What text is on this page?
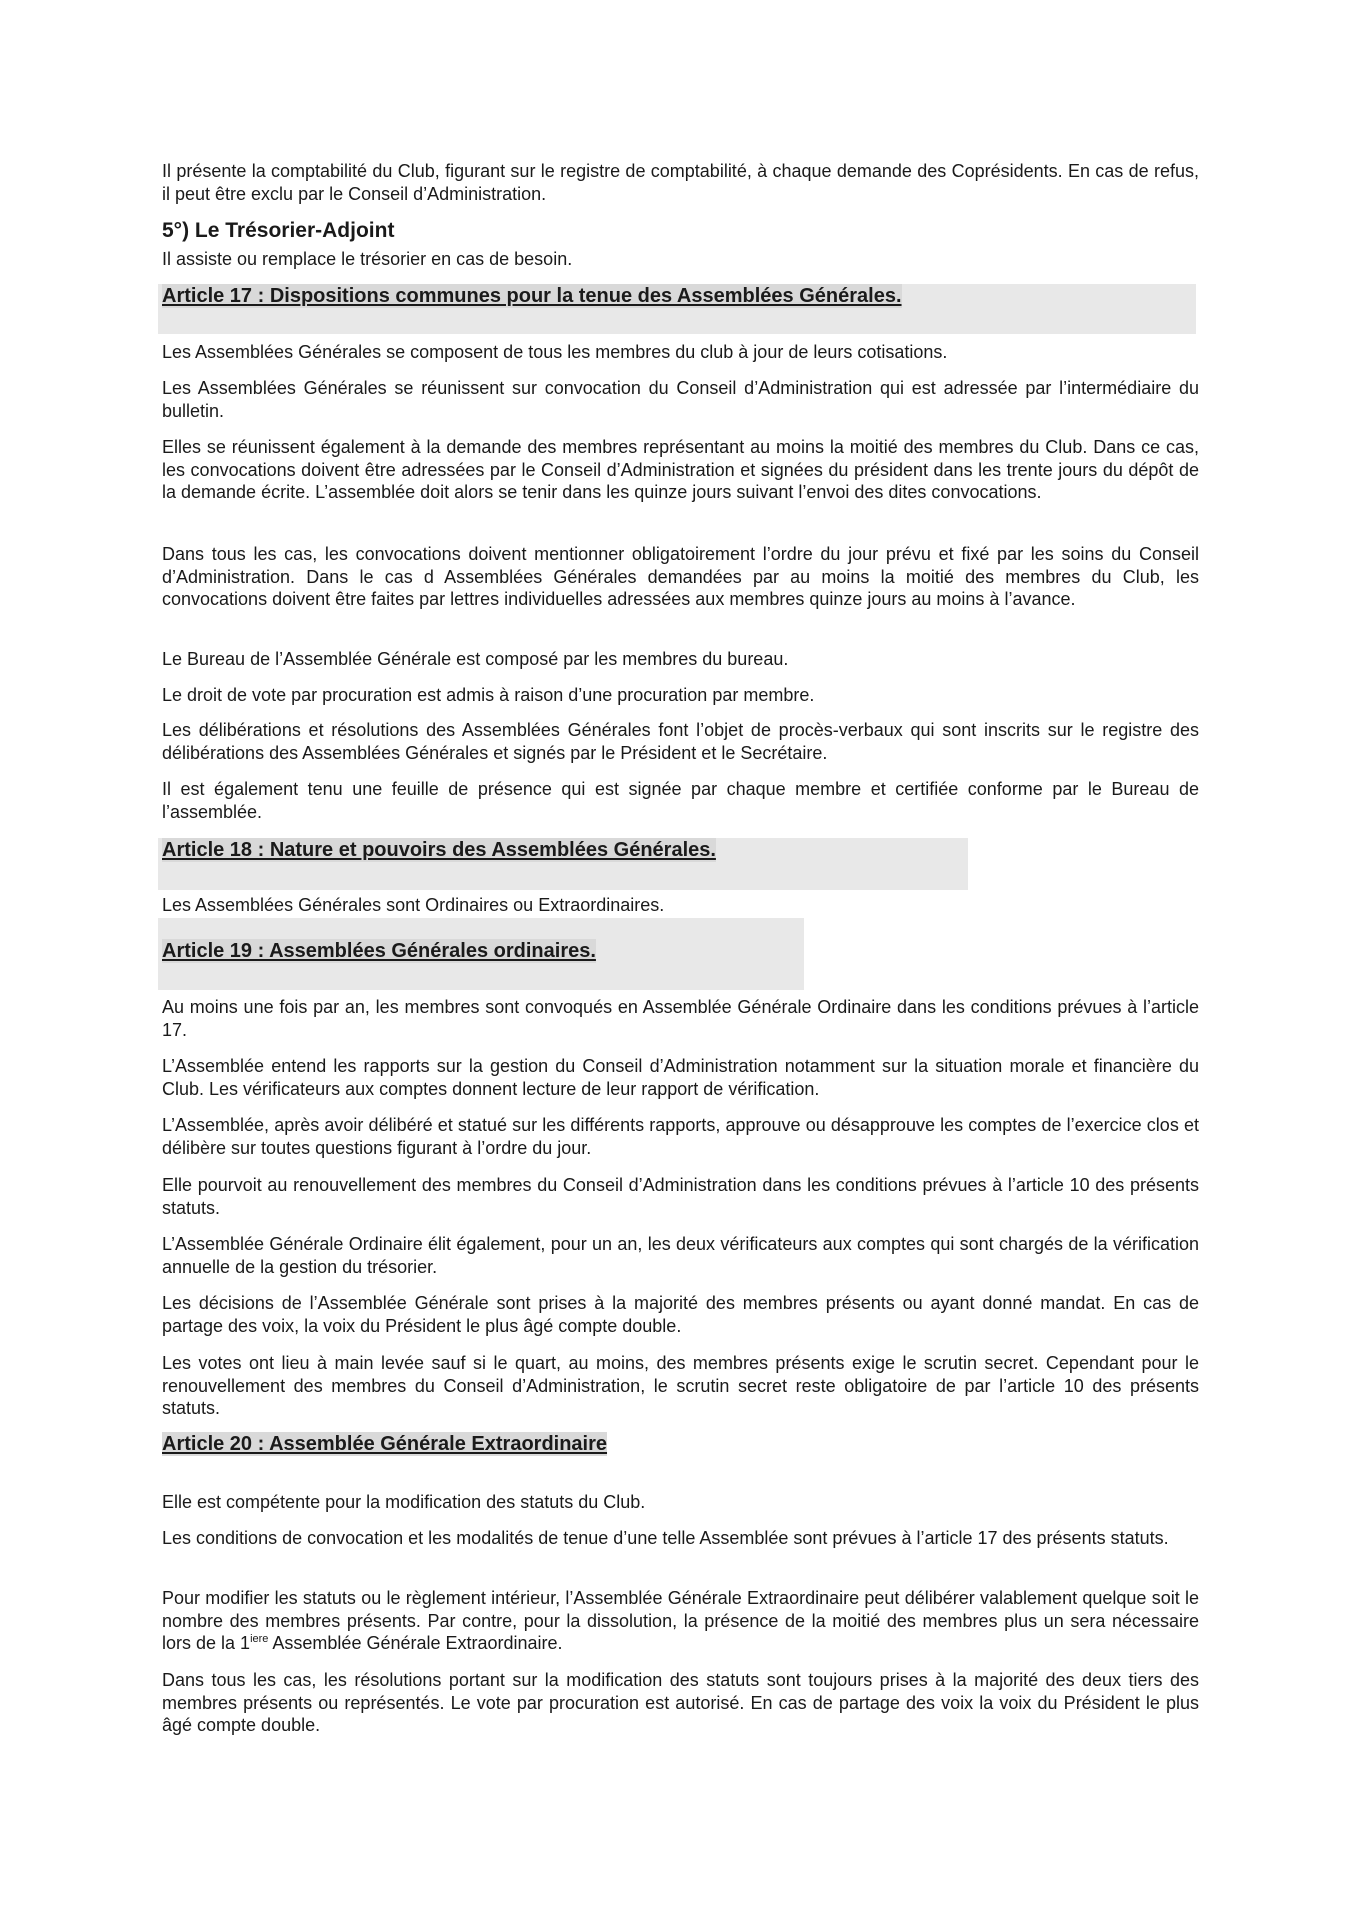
Il présente la comptabilité du Club, figurant sur le registre de comptabilité, à chaque demande des Coprésidents. En cas de refus, il peut être exclu par le Conseil d’Administration.

5°) Le Trésorier-Adjoint

Il assiste ou remplace le trésorier en cas de besoin.

Article 17 : Dispositions communes pour la tenue des Assemblées Générales.

Les Assemblées Générales se composent de tous les membres du club à jour de leurs cotisations.

Les Assemblées Générales se réunissent sur convocation du Conseil d’Administration qui est adressée par l’intermédiaire du bulletin.

Elles se réunissent également à la demande des membres représentant au moins la moitié des membres du Club. Dans ce cas, les convocations doivent être adressées par le Conseil d’Administration et signées du président dans les trente jours du dépôt de la demande écrite. L’assemblée doit alors se tenir dans les quinze jours suivant l’envoi des dites convocations.

Dans tous les cas, les convocations doivent mentionner obligatoirement l’ordre du jour prévu et fixé par les soins du Conseil d’Administration. Dans le cas d Assemblées Générales demandées par au moins la moitié des membres du Club, les convocations doivent être faites par lettres individuelles adressées aux membres quinze jours au moins à l’avance.

Le Bureau de l’Assemblée Générale est composé par les membres du bureau.

Le droit de vote par procuration est admis à raison d’une procuration par membre.

Les délibérations et résolutions des Assemblées Générales font l’objet de procès-verbaux qui sont inscrits sur le registre des délibérations des Assemblées Générales et signés par le Président et le Secrétaire.

Il est également tenu une feuille de présence qui est signée par chaque membre et certifiée conforme par le Bureau de l’assemblée.

Article 18 : Nature et pouvoirs des Assemblées Générales.

Les Assemblées Générales sont Ordinaires ou Extraordinaires.

Article 19 : Assemblées Générales ordinaires.

Au moins une fois par an, les membres sont convoqués en Assemblée Générale Ordinaire dans les conditions prévues à l’article 17.

L’Assemblée entend les rapports sur la gestion du Conseil d’Administration notamment sur la situation morale et financière du Club. Les vérificateurs aux comptes donnent lecture de leur rapport de vérification.

L’Assemblée, après avoir délibéré et statué sur les différents rapports, approuve ou désapprouve les comptes de l’exercice clos et délibère sur toutes questions figurant à l’ordre du jour.

Elle pourvoit au renouvellement des membres du Conseil d’Administration dans les conditions prévues à l’article 10 des présents statuts.

L’Assemblée Générale Ordinaire élit également, pour un an, les deux vérificateurs aux comptes qui sont chargés de la vérification annuelle de la gestion du trésorier.

Les décisions de l’Assemblée Générale sont prises à la majorité des membres présents ou ayant donné mandat. En cas de partage des voix, la voix du Président le plus âgé compte double.

Les votes ont lieu à main levée sauf si le quart, au moins, des membres présents exige le scrutin secret. Cependant pour le renouvellement des membres du Conseil d’Administration, le scrutin secret reste obligatoire de par l’article 10 des présents statuts.

Article 20 : Assemblée Générale Extraordinaire

Elle est compétente pour la modification des statuts du Club.

Les conditions de convocation et les modalités de tenue d’une telle Assemblée sont prévues à l’article 17 des présents statuts.

Pour modifier les statuts ou le règlement intérieur, l’Assemblée Générale Extraordinaire peut délibérer valablement quelque soit le nombre des membres présents. Par contre, pour la dissolution, la présence de la moitié des membres plus un sera nécessaire lors de la $1^{iere}$ Assemblée Générale Extraordinaire.

Dans tous les cas, les résolutions portant sur la modification des statuts sont toujours prises à la majorité des deux tiers des membres présents ou représentés. Le vote par procuration est autorisé. En cas de partage des voix la voix du Président le plus âgé compte double.
